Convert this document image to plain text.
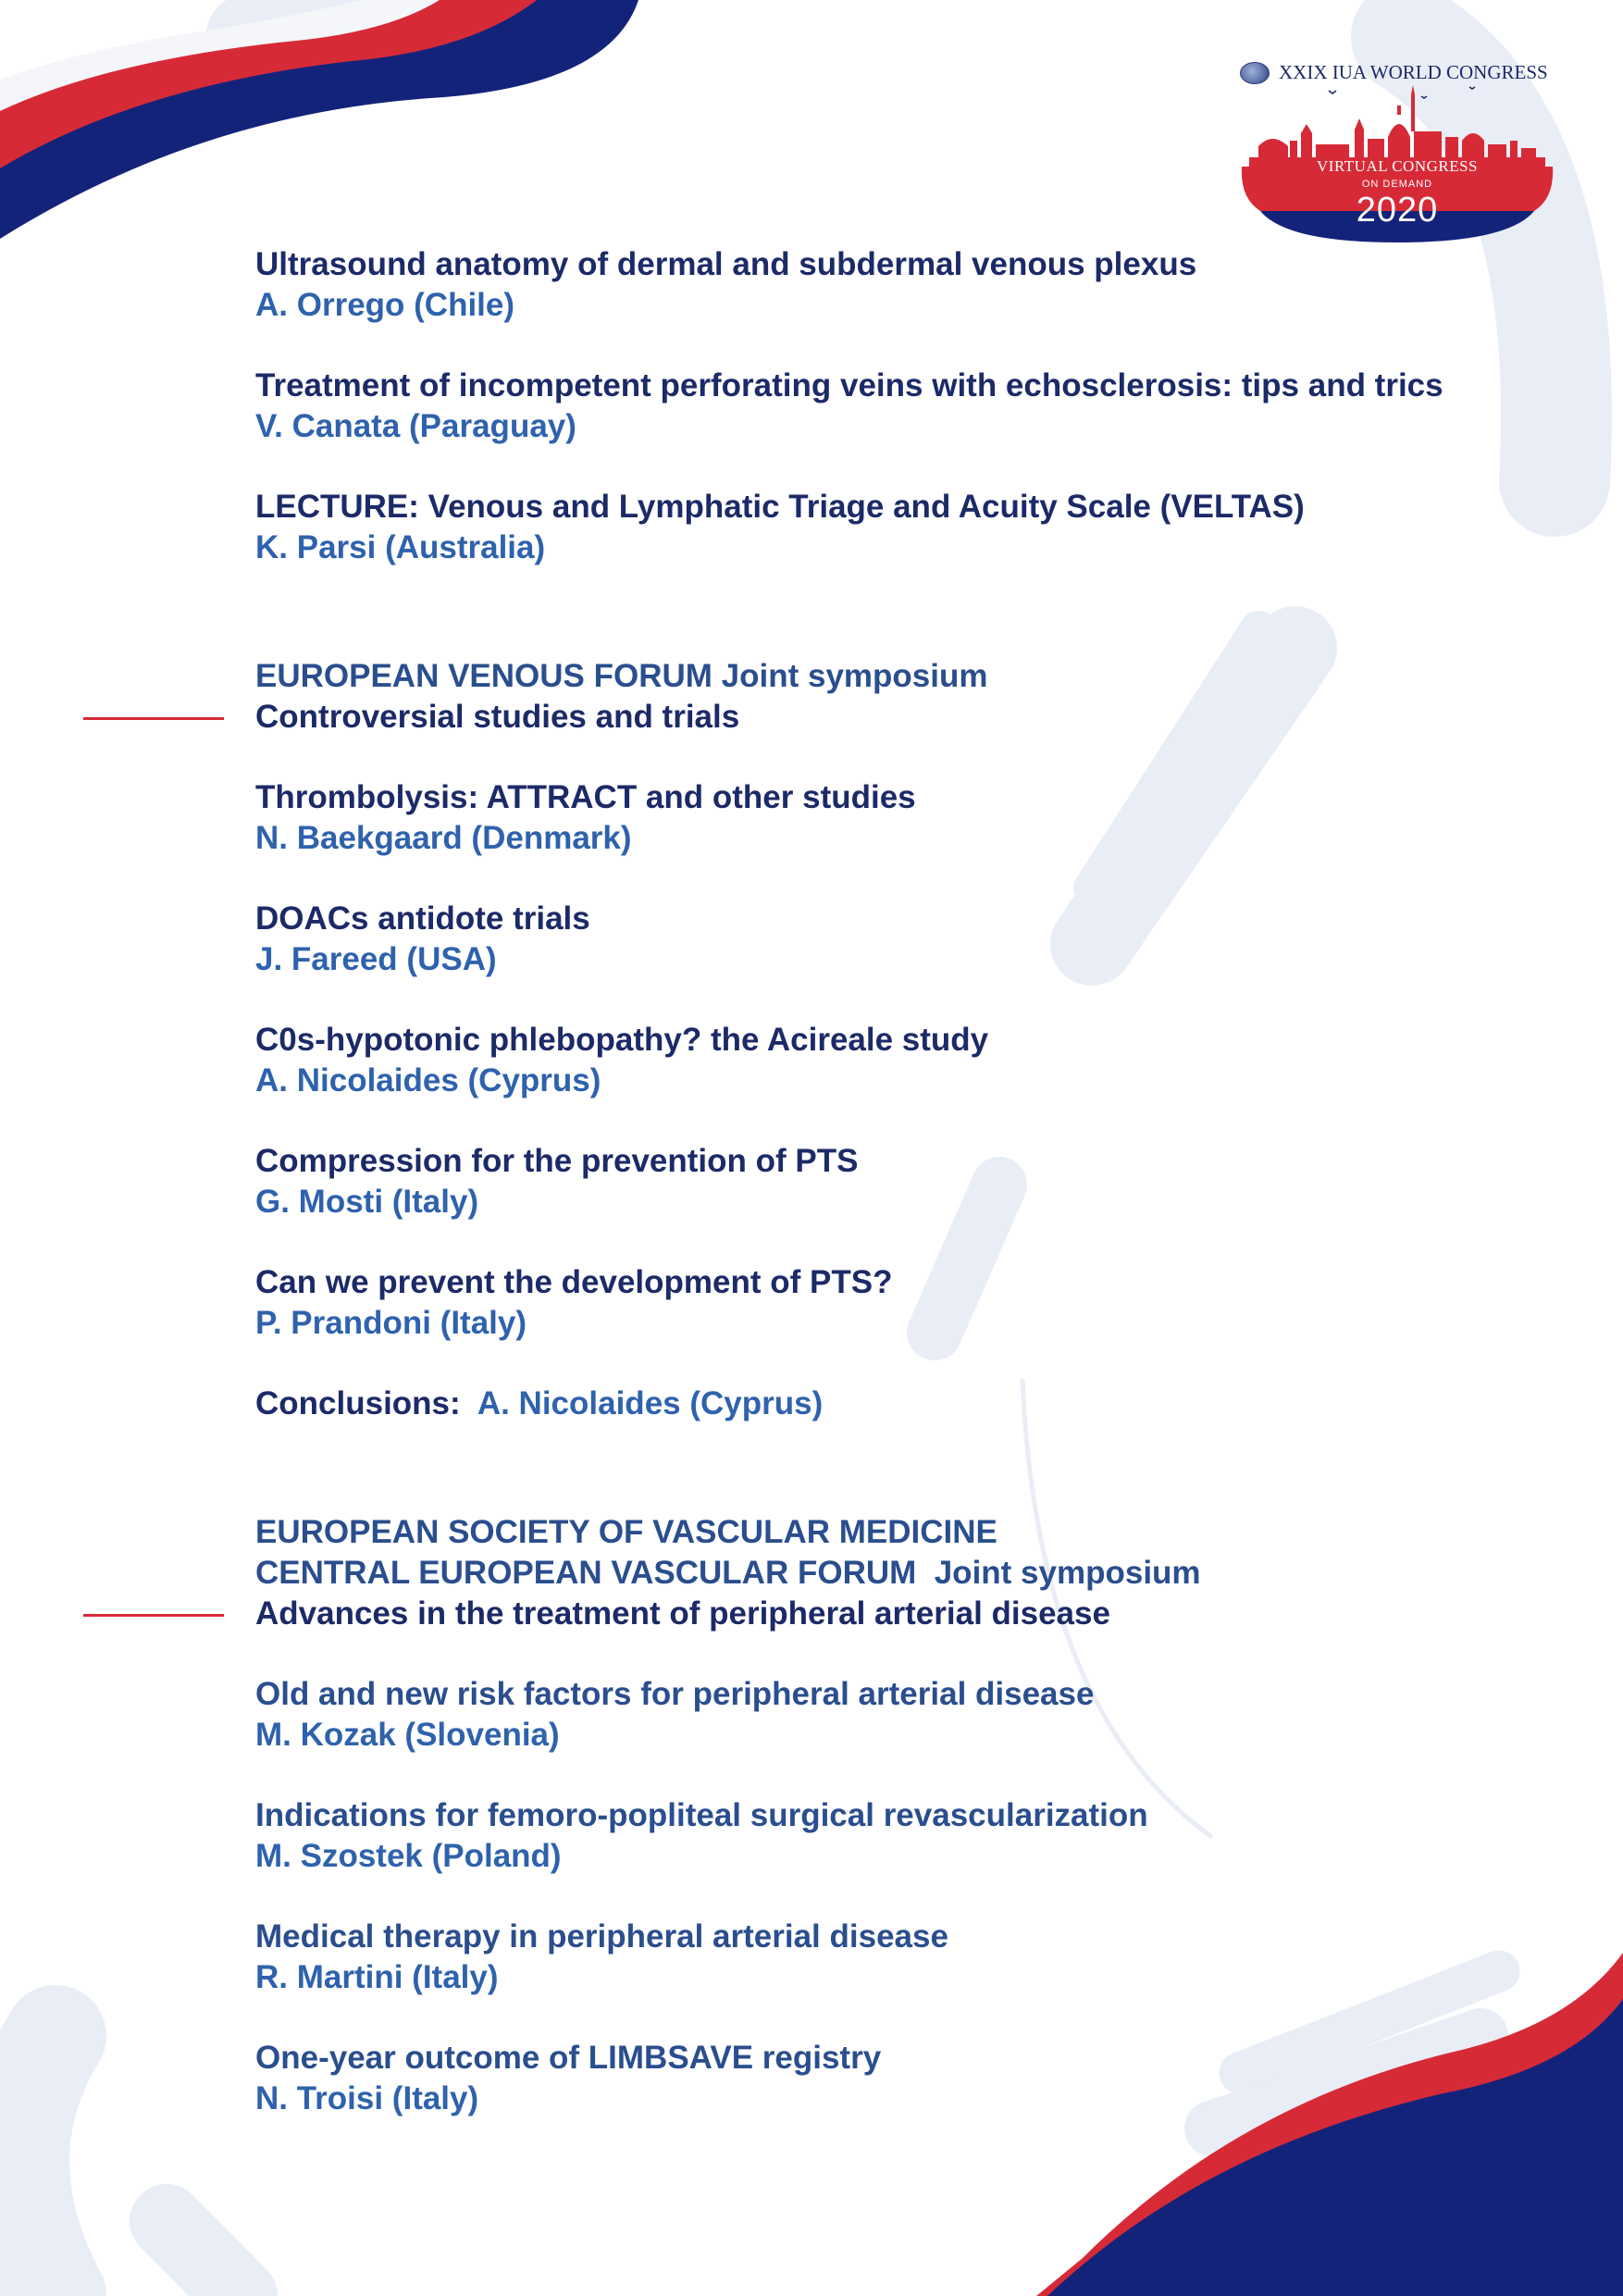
XXIX IUA WORLD CONGRESS
VIRTUAL CONGRESS
ON DEMAND
2020
Ultrasound anatomy of dermal and subdermal venous plexus
A. Orrego (Chile)
Treatment of incompetent perforating veins with echosclerosis: tips and trics
V. Canata (Paraguay)
LECTURE: Venous and Lymphatic Triage and Acuity Scale (VELTAS)
K. Parsi (Australia)
EUROPEAN VENOUS FORUM Joint symposium
Controversial studies and trials
Thrombolysis: ATTRACT and other studies
N. Baekgaard (Denmark)
DOACs antidote trials
J. Fareed (USA)
C0s-hypotonic phlebopathy? the Acireale study
A. Nicolaides (Cyprus)
Compression for the prevention of PTS
G. Mosti (Italy)
Can we prevent the development of PTS?
P. Prandoni (Italy)
Conclusions:  A. Nicolaides (Cyprus)
EUROPEAN SOCIETY OF VASCULAR MEDICINE
CENTRAL EUROPEAN VASCULAR FORUM  Joint symposium
Advances in the treatment of peripheral arterial disease
Old and new risk factors for peripheral arterial disease
M. Kozak (Slovenia)
Indications for femoro-popliteal surgical revascularization
M. Szostek (Poland)
Medical therapy in peripheral arterial disease
R. Martini (Italy)
One-year outcome of LIMBSAVE registry
N. Troisi (Italy)
